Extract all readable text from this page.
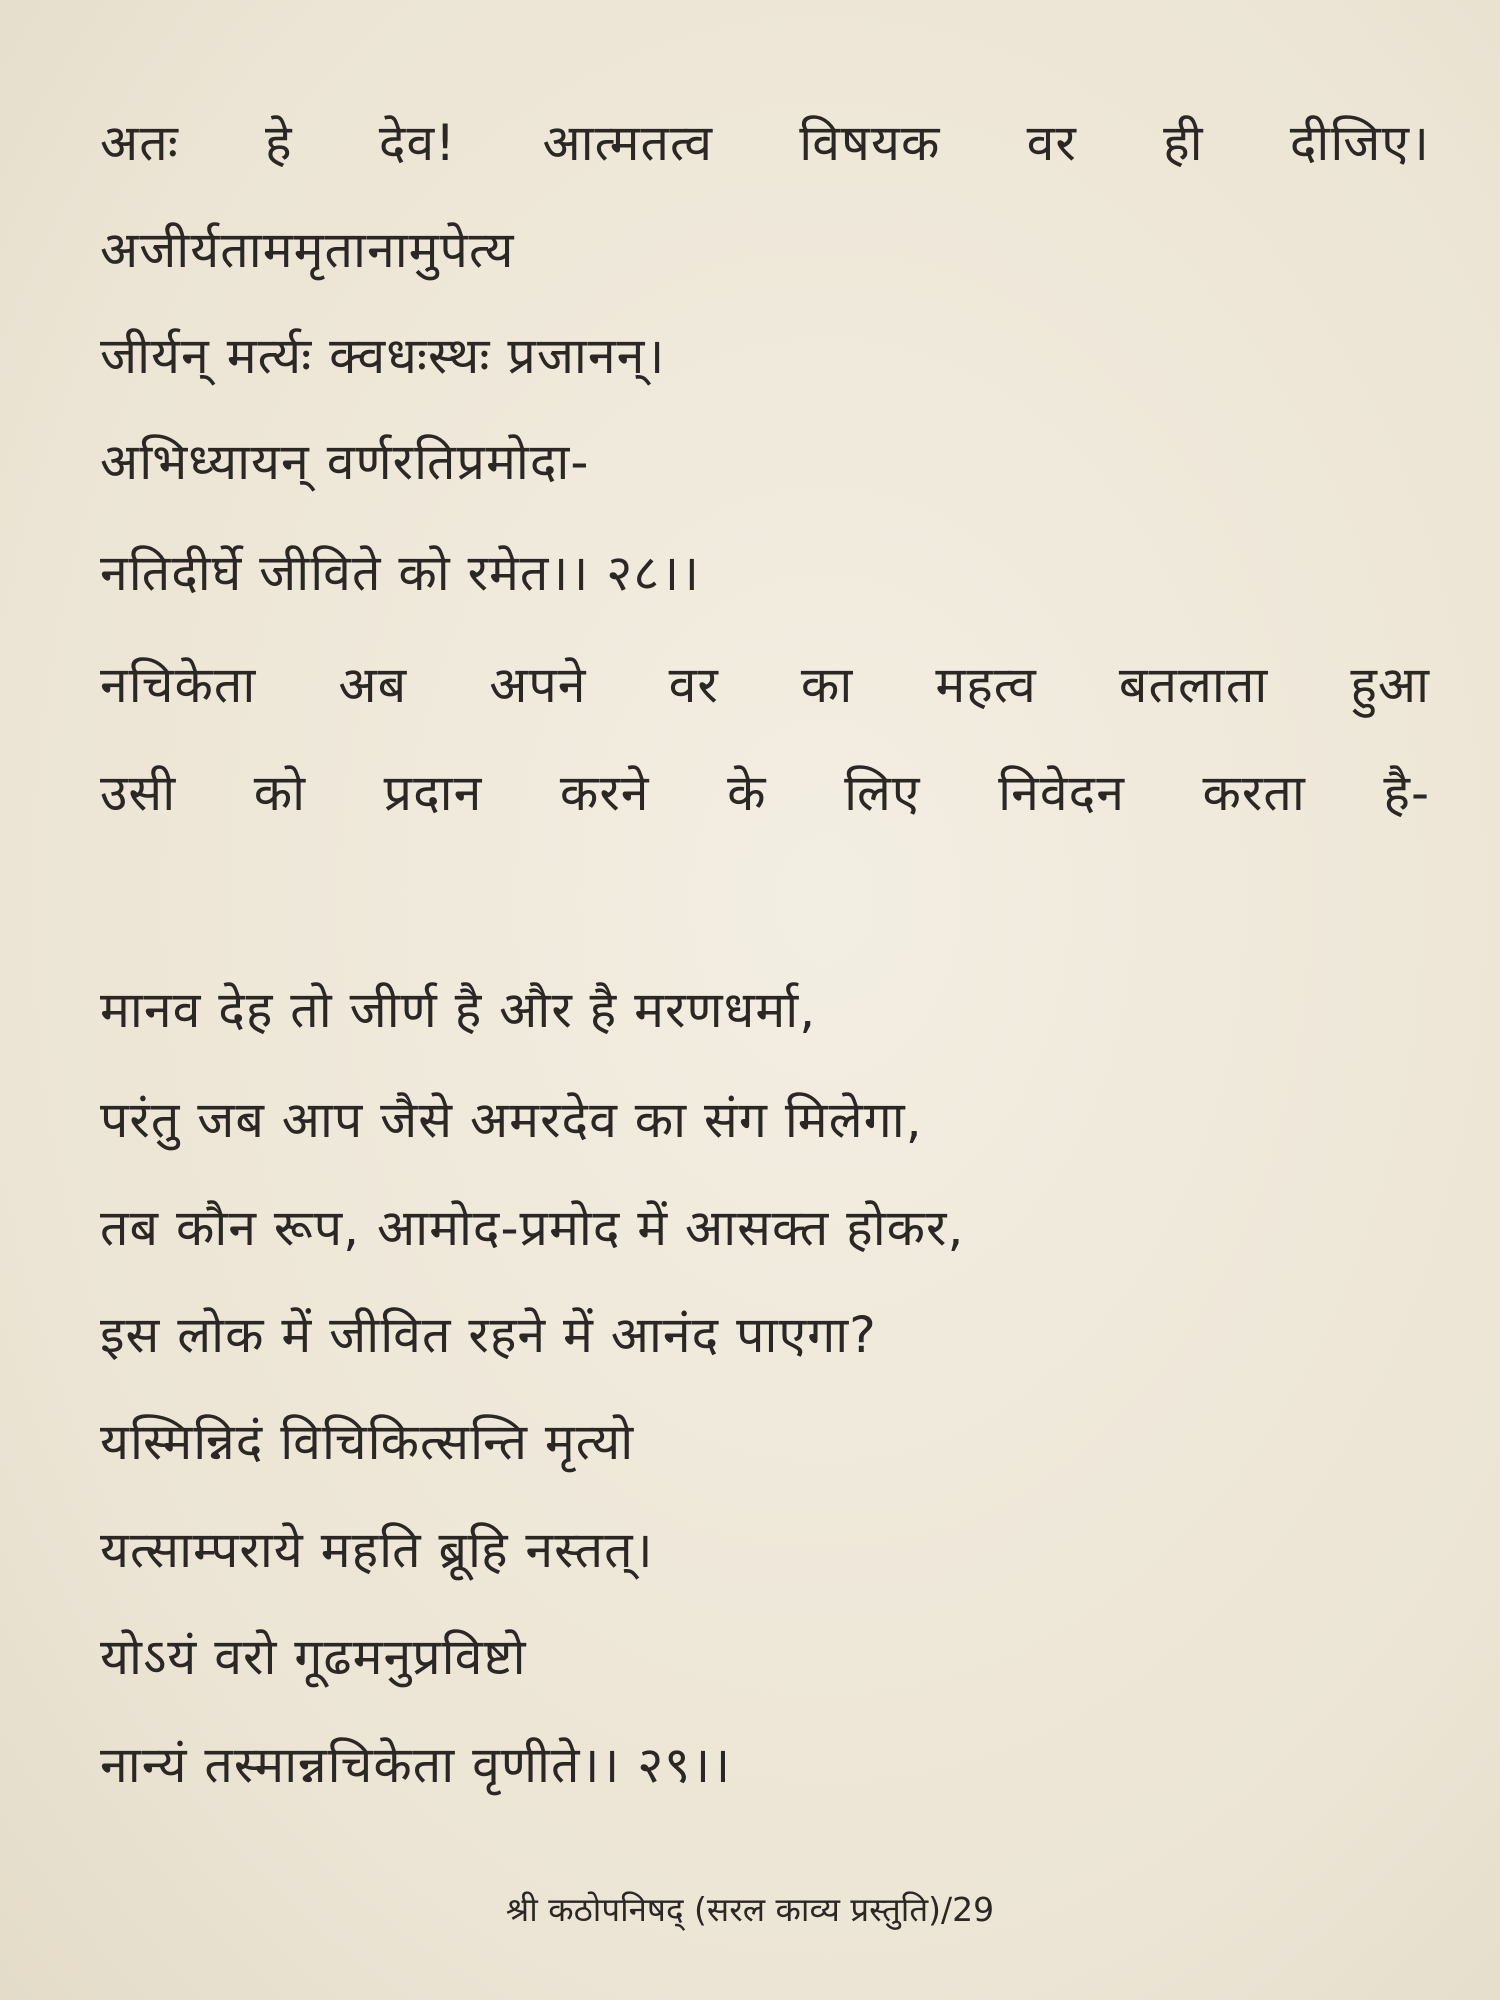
अतः हे देव! आत्मतत्व विषयक वर ही दीजिए।
अजीर्यताममृतानामुपेत्य
जीर्यन् मर्त्यः क्वधःस्थः प्रजानन्।
अभिध्यायन् वर्णरतिप्रमोदा-
नतिदीर्घे जीविते को रमेत।। २८।।
नचिकेता अब अपने वर का महत्व बतलाता हुआ
उसी को प्रदान करने के लिए निवेदन करता है-
मानव देह तो जीर्ण है और है मरणधर्मा,
परंतु जब आप जैसे अमरदेव का संग मिलेगा,
तब कौन रूप, आमोद-प्रमोद में आसक्त होकर,
इस लोक में जीवित रहने में आनंद पाएगा?
यस्मिन्निदं विचिकित्सन्ति मृत्यो
यत्साम्पराये महति ब्रूहि नस्तत्।
योऽयं वरो गूढमनुप्रविष्टो
नान्यं तस्मान्नचिकेता वृणीते।। २९।।
श्री कठोपनिषद् (सरल काव्य प्रस्तुति)/29
